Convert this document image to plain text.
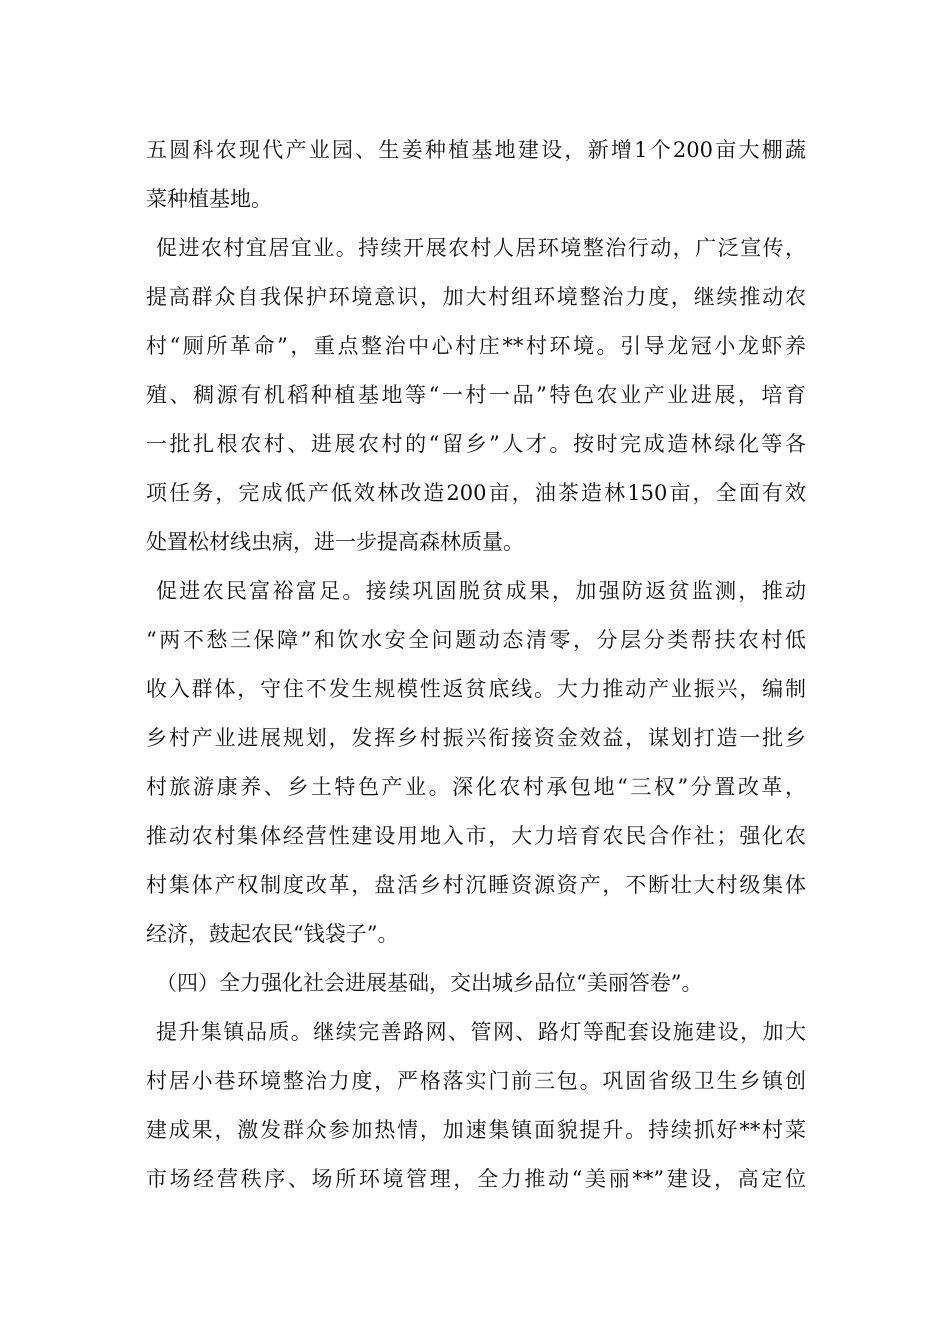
五圆科农现代产业园、生姜种植基地建设，新增1个200亩大棚蔬
菜种植基地。
促进农村宜居宜业。持续开展农村人居环境整治行动，广泛宣传，
提高群众自我保护环境意识，加大村组环境整治力度，继续推动农
村“厕所革命”，重点整治中心村庄**村环境。引导龙冠小龙虾养
殖、稠源有机稻种植基地等“一村一品”特色农业产业进展，培育
一批扎根农村、进展农村的“留乡”人才。按时完成造林绿化等各
项任务，完成低产低效林改造200亩，油茶造林150亩，全面有效
处置松材线虫病，进一步提高森林质量。
促进农民富裕富足。接续巩固脱贫成果，加强防返贫监测，推动
“两不愁三保障”和饮水安全问题动态清零，分层分类帮扶农村低
收入群体，守住不发生规模性返贫底线。大力推动产业振兴，编制
乡村产业进展规划，发挥乡村振兴衔接资金效益，谋划打造一批乡
村旅游康养、乡土特色产业。深化农村承包地“三权”分置改革，
推动农村集体经营性建设用地入市，大力培育农民合作社；强化农
村集体产权制度改革，盘活乡村沉睡资源资产，不断壮大村级集体
经济，鼓起农民“钱袋子”。
（四）全力强化社会进展基础，交出城乡品位“美丽答卷”。
提升集镇品质。继续完善路网、管网、路灯等配套设施建设，加大
村居小巷环境整治力度，严格落实门前三包。巩固省级卫生乡镇创
建成果，激发群众参加热情，加速集镇面貌提升。持续抓好**村菜
市场经营秩序、场所环境管理，全力推动“美丽**”建设，高定位
